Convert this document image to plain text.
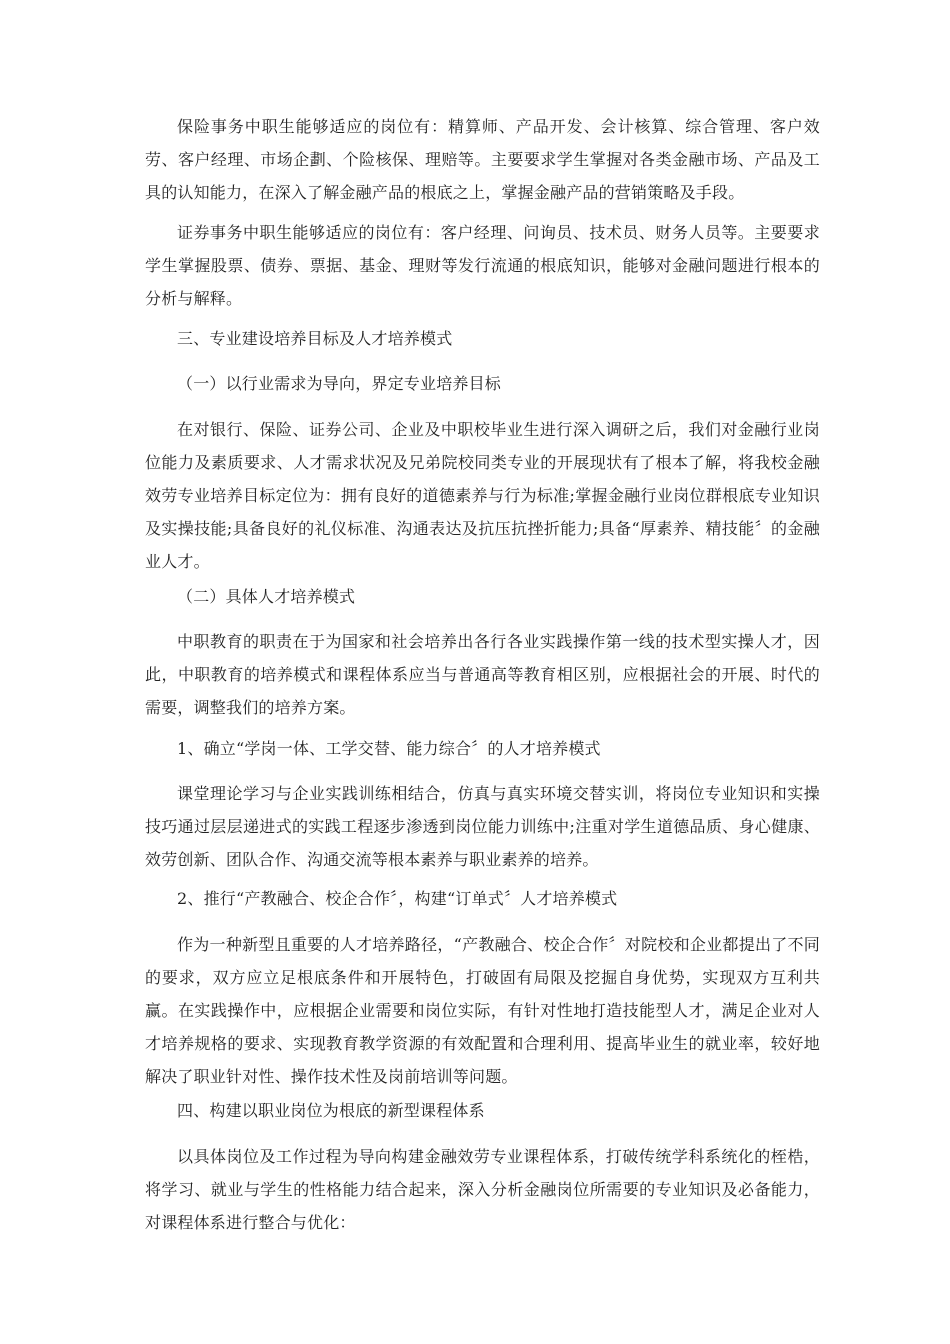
保险事务中职生能够适应的岗位有：精算师、产品开发、会计核算、综合管理、客户效劳、客户经理、市场企劃、个险核保、理赔等。主要要求学生掌握对各类金融市场、产品及工具的认知能力，在深入了解金融产品的根底之上，掌握金融产品的营销策略及手段。

证券事务中职生能够适应的岗位有：客户经理、问询员、技术员、财务人员等。主要要求学生掌握股票、债券、票据、基金、理财等发行流通的根底知识，能够对金融问题进行根本的分析与解释。

三、专业建设培养目标及人才培养模式

（一）以行业需求为导向，界定专业培养目标

在对银行、保险、证券公司、企业及中职校毕业生进行深入调研之后，我们对金融行业岗位能力及素质要求、人才需求状况及兄弟院校同类专业的开展现状有了根本了解，将我校金融效劳专业培养目标定位为：拥有良好的道德素养与行为标准;掌握金融行业岗位群根底专业知识及实操技能;具备良好的礼仪标准、沟通表达及抗压抗挫折能力;具备“厚素养、精技能〞的金融业人才。

（二）具体人才培养模式

中职教育的职责在于为国家和社会培养出各行各业实践操作第一线的技术型实操人才，因此，中职教育的培养模式和课程体系应当与普通高等教育相区别，应根据社会的开展、时代的需要，调整我们的培养方案。

1、确立“学岗一体、工学交替、能力综合〞的人才培养模式

课堂理论学习与企业实践训练相结合，仿真与真实环境交替实训，将岗位专业知识和实操技巧通过层层递进式的实践工程逐步渗透到岗位能力训练中;注重对学生道德品质、身心健康、效劳创新、团队合作、沟通交流等根本素养与职业素养的培养。

2、推行“产教融合、校企合作〞，构建“订单式〞人才培养模式

作为一种新型且重要的人才培养路径，“产教融合、校企合作〞对院校和企业都提出了不同的要求，双方应立足根底条件和开展特色，打破固有局限及挖掘自身优势，实现双方互利共赢。在实践操作中，应根据企业需要和岗位实际，有针对性地打造技能型人才，满足企业对人才培养规格的要求、实现教育教学资源的有效配置和合理利用、提高毕业生的就业率，较好地解决了职业针对性、操作技术性及岗前培训等问题。

四、构建以职业岗位为根底的新型课程体系

以具体岗位及工作过程为导向构建金融效劳专业课程体系，打破传统学科系统化的桎梏，将学习、就业与学生的性格能力结合起来，深入分析金融岗位所需要的专业知识及必备能力，对课程体系进行整合与优化：
